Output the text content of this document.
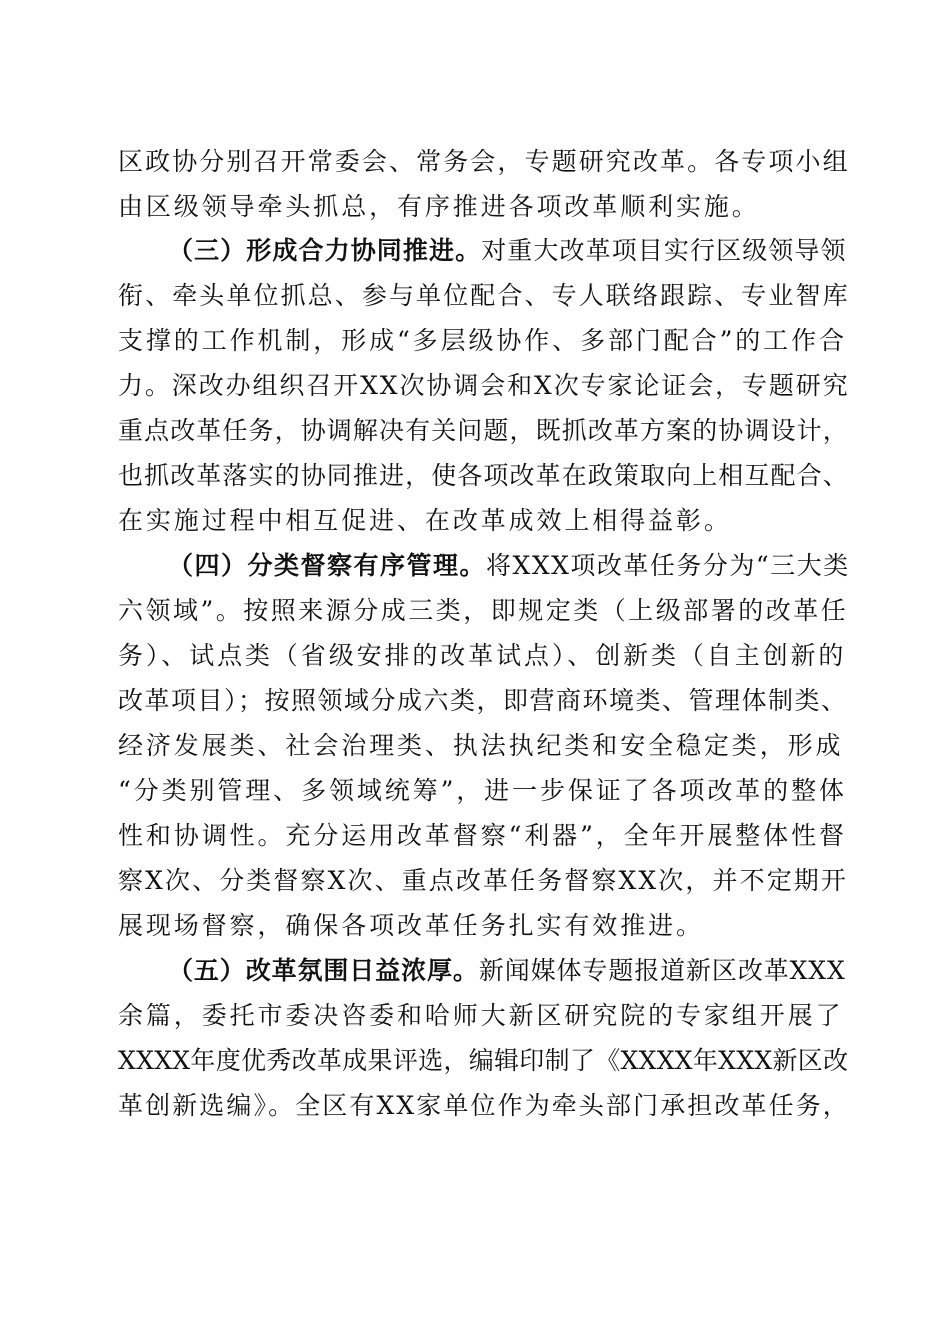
区政协分别召开常委会、常务会，专题研究改革。各专项小组
由区级领导牵头抓总，有序推进各项改革顺利实施。
（三）形成合力协同推进。对重大改革项目实行区级领导领
衔、牵头单位抓总、参与单位配合、专人联络跟踪、专业智库
支撑的工作机制，形成“多层级协作、多部门配合”的工作合
力。深改办组织召开XX次协调会和X次专家论证会，专题研究
重点改革任务，协调解决有关问题，既抓改革方案的协调设计，
也抓改革落实的协同推进，使各项改革在政策取向上相互配合、
在实施过程中相互促进、在改革成效上相得益彰。
（四）分类督察有序管理。将XXX项改革任务分为“三大类
六领域”。按照来源分成三类，即规定类（上级部署的改革任
务）、试点类（省级安排的改革试点）、创新类（自主创新的
改革项目）；按照领域分成六类，即营商环境类、管理体制类、
经济发展类、社会治理类、执法执纪类和安全稳定类，形成
“分类别管理、多领域统筹”，进一步保证了各项改革的整体
性和协调性。充分运用改革督察“利器”，全年开展整体性督
察X次、分类督察X次、重点改革任务督察XX次，并不定期开
展现场督察，确保各项改革任务扎实有效推进。
（五）改革氛围日益浓厚。新闻媒体专题报道新区改革XXX
余篇，委托市委决咨委和哈师大新区研究院的专家组开展了
XXXX年度优秀改革成果评选，编辑印制了《XXXX年XXX新区改
革创新选编》。全区有XX家单位作为牵头部门承担改革任务，
